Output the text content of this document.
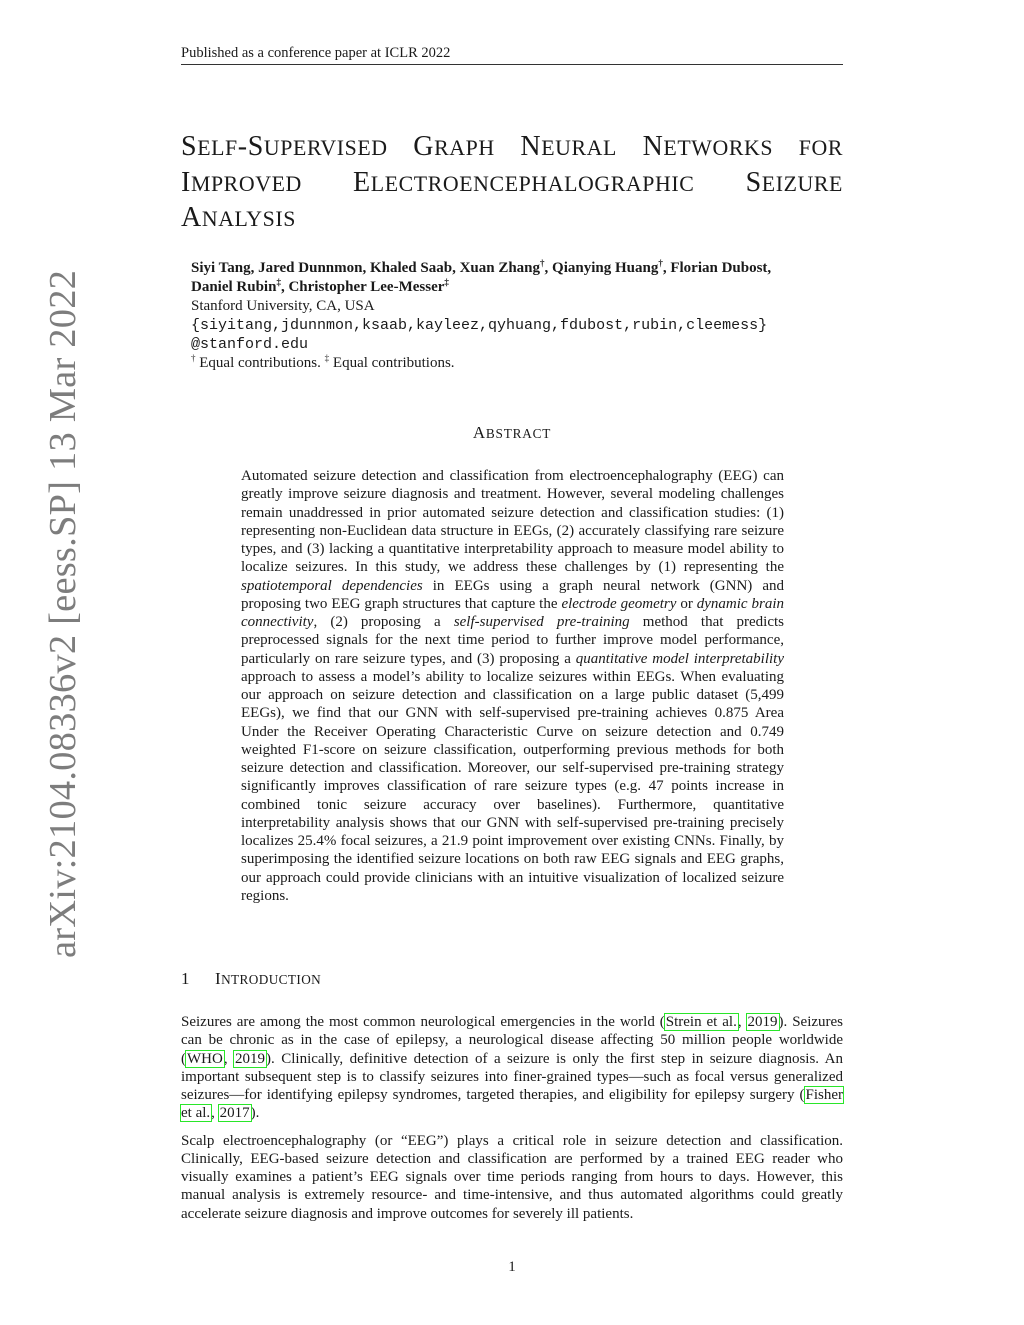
Published as a conference paper at ICLR 2022
arXiv:2104.08336v2 [eess.SP] 13 Mar 2022
SELF-SUPERVISED GRAPH NEURAL NETWORKS FOR IMPROVED ELECTROENCEPHALOGRAPHIC SEIZURE ANALYSIS
Siyi Tang, Jared Dunnmon, Khaled Saab, Xuan Zhang†, Qianying Huang†, Florian Dubost,
Daniel Rubin‡, Christopher Lee-Messer‡
Stanford University, CA, USA
{siyitang,jdunnmon,ksaab,kayleez,qyhuang,fdubost,rubin,cleemess}
@stanford.edu
† Equal contributions. ‡ Equal contributions.
ABSTRACT

Automated seizure detection and classification from electroencephalography (EEG) can greatly improve seizure diagnosis and treatment. However, several modeling challenges remain unaddressed in prior automated seizure detection and classification studies: (1) representing non-Euclidean data structure in EEGs, (2) accurately classifying rare seizure types, and (3) lacking a quantitative interpretability approach to measure model ability to localize seizures. In this study, we address these challenges by (1) representing the spatiotemporal dependencies in EEGs using a graph neural network (GNN) and proposing two EEG graph structures that capture the electrode geometry or dynamic brain connectivity, (2) proposing a self-supervised pre-training method that predicts preprocessed signals for the next time period to further improve model performance, particularly on rare seizure types, and (3) proposing a quantitative model interpretability approach to assess a model’s ability to localize seizures within EEGs. When evaluating our approach on seizure detection and classification on a large public dataset (5,499 EEGs), we find that our GNN with self-supervised pre-training achieves 0.875 Area Under the Receiver Operating Characteristic Curve on seizure detection and 0.749 weighted F1-score on seizure classification, outperforming previous methods for both seizure detection and classification. Moreover, our self-supervised pre-training strategy significantly improves classification of rare seizure types (e.g. 47 points increase in combined tonic seizure accuracy over baselines). Furthermore, quantitative interpretability analysis shows that our GNN with self-supervised pre-training precisely localizes 25.4% focal seizures, a 21.9 point improvement over existing CNNs. Finally, by superimposing the identified seizure locations on both raw EEG signals and EEG graphs, our approach could provide clinicians with an intuitive visualization of localized seizure regions.

1 INTRODUCTION

Seizures are among the most common neurological emergencies in the world (Strein et al., 2019). Seizures can be chronic as in the case of epilepsy, a neurological disease affecting 50 million people worldwide (WHO, 2019). Clinically, definitive detection of a seizure is only the first step in seizure diagnosis. An important subsequent step is to classify seizures into finer-grained types—such as focal versus generalized seizures—for identifying epilepsy syndromes, targeted therapies, and eligibility for epilepsy surgery (Fisher et al., 2017).

Scalp electroencephalography (or “EEG”) plays a critical role in seizure detection and classification. Clinically, EEG-based seizure detection and classification are performed by a trained EEG reader who visually examines a patient’s EEG signals over time periods ranging from hours to days. However, this manual analysis is extremely resource- and time-intensive, and thus automated algorithms could greatly accelerate seizure diagnosis and improve outcomes for severely ill patients.

1
